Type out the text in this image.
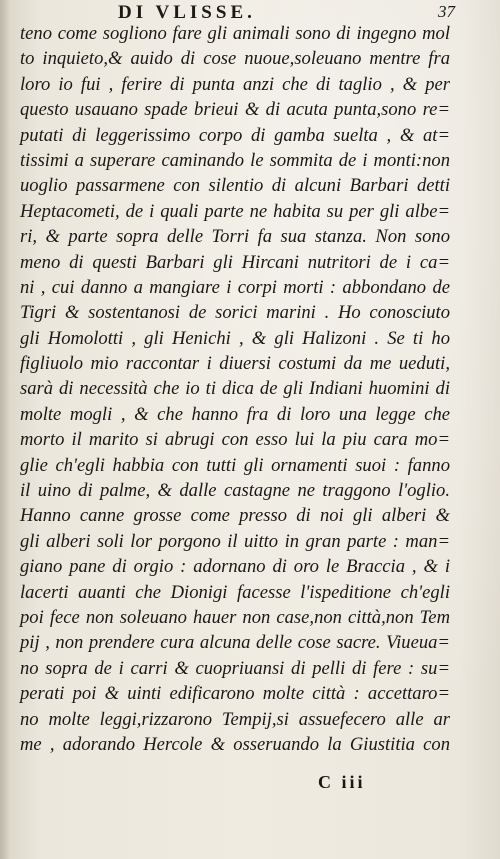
DI VLISSE.	37
teno come sogliono fare gli animali sono di ingegno mol
to inquieto,& auido di cose nuoue,soleuano mentre fra
loro io fui , ferire di punta anzi che di taglio , & per
questo usauano spade brieui & di acuta punta,sono re=
putati di leggerissimo corpo di gamba suelta , & at=
tissimi a superare caminando le sommita de i monti:non
uoglio passarmene con silentio di alcuni Barbari detti
Heptacometi, de i quali parte ne habita su per gli albe=
ri, & parte sopra delle Torri fa sua stanza. Non sono
meno di questi Barbari gli Hircani nutritori de i ca=
ni , cui danno a mangiare i corpi morti : abbondano de
Tigri & sostentanosi de sorici marini . Ho conosciuto
gli Homolotti , gli Henichi , & gli Halizoni . Se ti ho
figliuolo mio raccontar i diuersi costumi da me ueduti,
sarà di necessità che io ti dica de gli Indiani huomini di
molte mogli , & che hanno fra di loro una legge che
morto il marito si abrugi con esso lui la piu cara mo=
glie ch'egli habbia con tutti gli ornamenti suoi : fanno
il uino di palme, & dalle castagne ne traggono l'oglio.
Hanno canne grosse come presso di noi gli alberi &
gli alberi soli lor porgono il uitto in gran parte : man=
giano pane di orgio : adornano di oro le Braccia , & i
lacerti auanti che Dionigi facesse l'ispeditione ch'egli
poi fece non soleuano hauer non case,non città,non Tem
pij , non prendere cura alcuna delle cose sacre. Viueua=
no sopra de i carri & cuopriuansi di pelli di fere : su=
perati poi & uinti edificarono molte città : accettaro=
no molte leggi,rizzarono Tempij,si assuefecero alle ar
me , adorando Hercole & osseruando la Giustitia con
C iii
